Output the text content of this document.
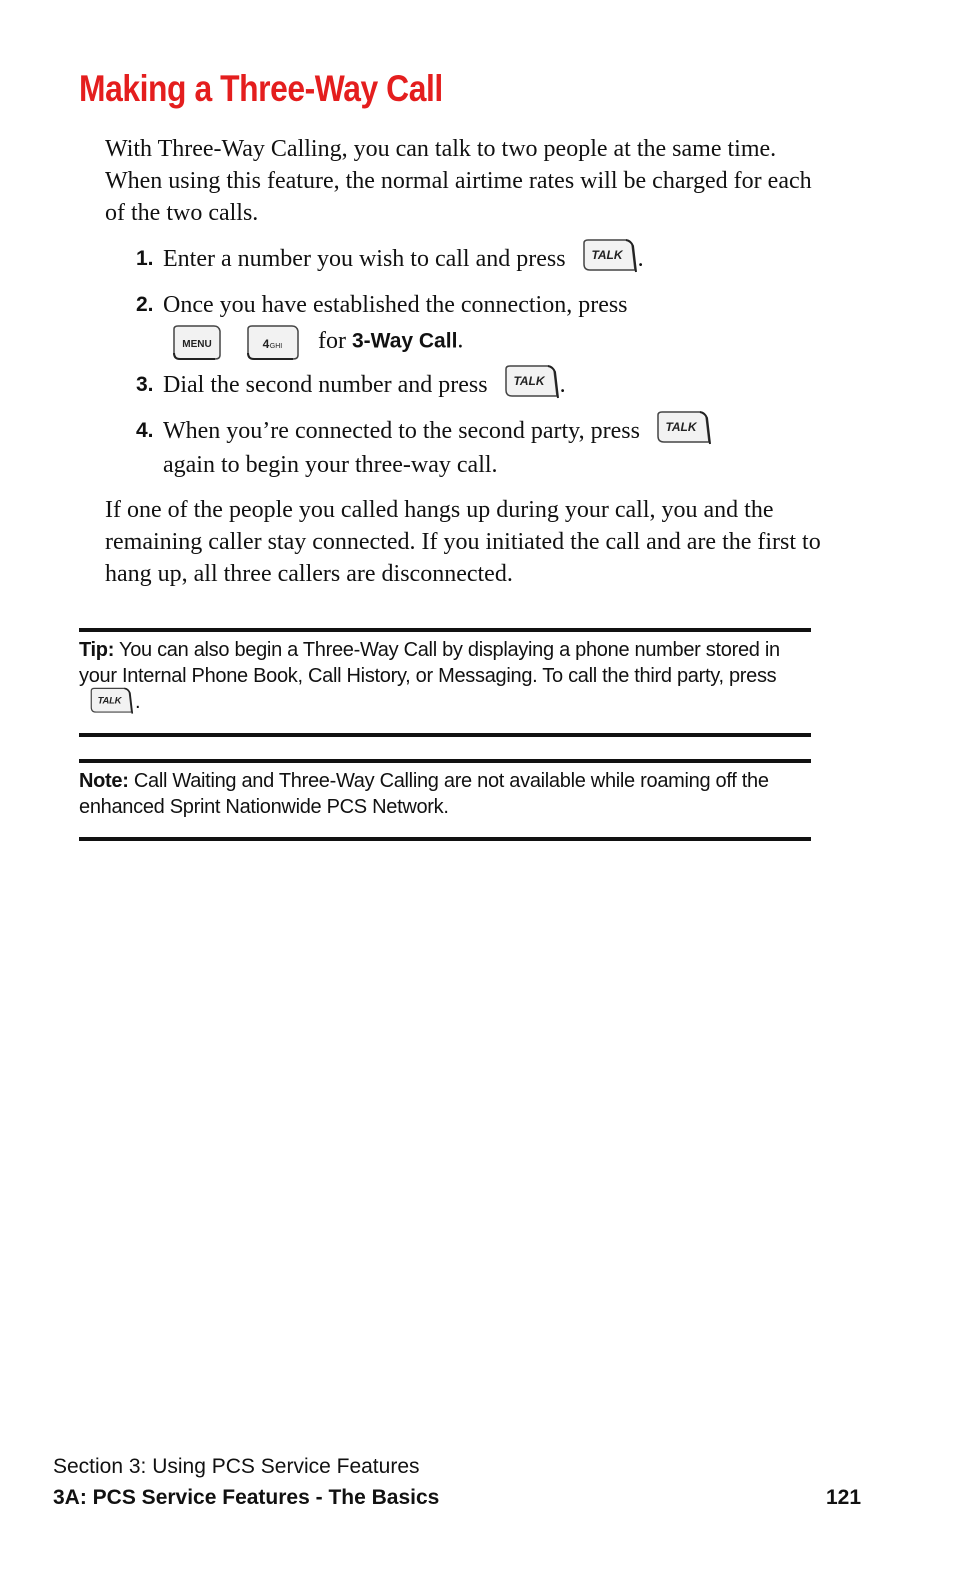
Making a Three-Way Call

With Three-Way Calling, you can talk to two people at the same time. When using this feature, the normal airtime rates will be charged for each of the two calls.

1. Enter a number you wish to call and press TALK .
2. Once you have established the connection, press
MENU
	4 GHI for 3-Way Call.
3. Dial the second number and press TALK .
4. When you’re connected to the second party, press TALK
again to begin your three-way call.

If one of the people you called hangs up during your call, you and the remaining caller stay connected. If you initiated the call and are the first to hang up, all three callers are disconnected.

Tip: You can also begin a Three-Way Call by displaying a phone number stored in your Internal Phone Book, Call History, or Messaging. To call the third party, press
TALK .
Note: Call Waiting and Three-Way Calling are not available while roaming off the enhanced Sprint Nationwide PCS Network.
Section 3: Using PCS Service Features
3A: PCS Service Features - The Basics	121
